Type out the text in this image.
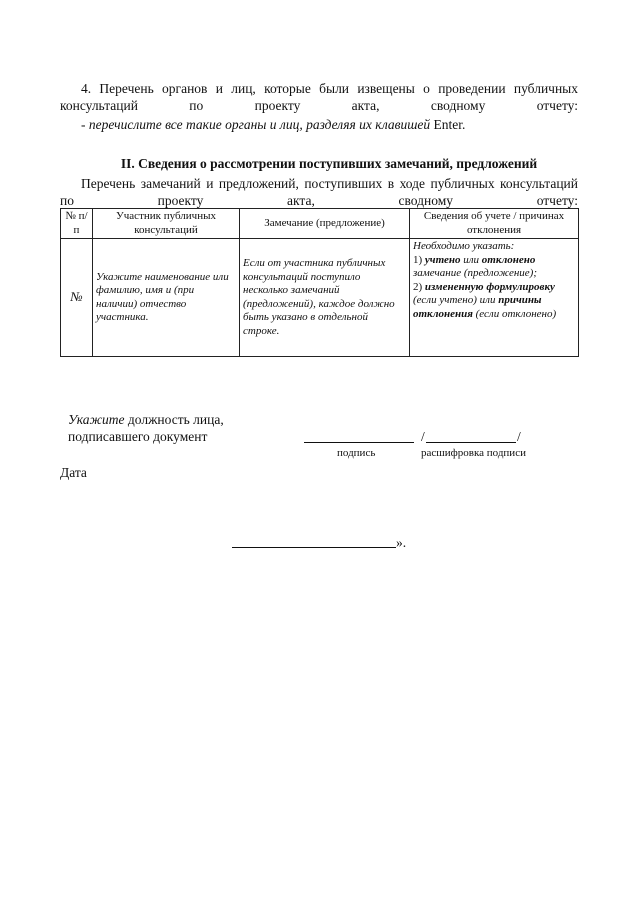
4. Перечень органов и лиц, которые были извещены о проведении публичных консультаций по проекту акта, сводному отчету:
- перечислите все такие органы и лиц, разделяя их клавишей Enter.
II. Сведения о рассмотрении поступивших замечаний, предложений
Перечень замечаний и предложений, поступивших в ходе публичных консультаций по проекту акта, сводному отчету:
№ п/п	Участник публичных консультаций	Замечание (предложение)	Сведения об учете / причинах отклонения
№	Укажите наименование или фамилию, имя и (при наличии) отчество участника.	Если от участника публичных консультаций поступило несколько замечаний (предложений), каждое должно быть указано в отдельной строке.	Необходимо указать:
1) учтено или отклонено замечание (предложение);
2) измененную формулировку (если учтено) или причины отклонения (если отклонено)
Укажите должность лица,
подписавшего документ	/	/
подпись	расшифровка подписи
Дата
».
